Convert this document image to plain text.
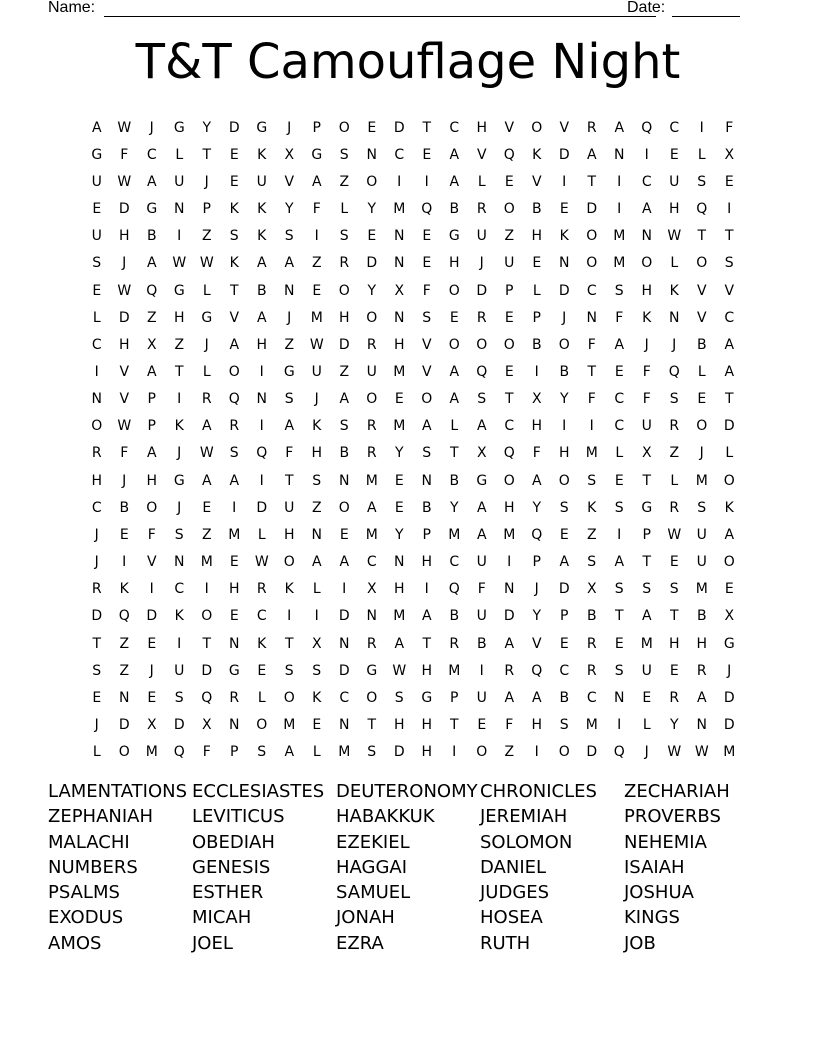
Name:	Date:
T&T Camouflage Night
A	W	J	G	Y	D	G	J	P	O	E	D	T	C	H	V	O	V	R	A	Q	C	I	F
G	F	C	L	T	E	K	X	G	S	N	C	E	A	V	Q	K	D	A	N	I	E	L	X
U	W	A	U	J	E	U	V	A	Z	O	I	I	A	L	E	V	I	T	I	C	U	S	E
E	D	G	N	P	K	K	Y	F	L	Y	M	Q	B	R	O	B	E	D	I	A	H	Q	I
U	H	B	I	Z	S	K	S	I	S	E	N	E	G	U	Z	H	K	O	M	N	W	T	T
S	J	A	W W	K	A	A	Z	R	D	N	E	H	J	U	E	N	O	M	O	L	O	S
E	W	Q	G	L	T	B	N	E	O	Y	X	F	O	D	P	L	D	C	S	H	K	V	V
L	D	Z	H	G	V	A	J	M	H	O	N	S	E	R	E	P	J	N	F	K	N	V	C
C	H	X	Z	J	A	H	Z	W	D	R	H	V	O	O	O	B	O	F	A	J	J	B	A
I	V	A	T	L	O	I	G	U	Z	U	M	V	A	Q	E	I	B	T	E	F	Q	L	A
N	V	P	I	R	Q	N	S	J	A	O	E	O	A	S	T	X	Y	F	C	F	S	E	T
O	W	P	K	A	R	I	A	K	S	R	M	A	L	A	C	H	I	I	C	U	R	O	D
R	F	A	J	W	S	Q	F	H	B	R	Y	S	T	X	Q	F	H	M	L	X	Z	J	L
H	J	H	G	A	A	I	T	S	N	M	E	N	B	G	O	A	O	S	E	T	L	M	O
C	B	O	J	E	I	D	U	Z	O	A	E	B	Y	A	H	Y	S	K	S	G	R	S	K
J	E	F	S	Z	M	L	H	N	E	M	Y	P	M	A	M	Q	E	Z	I	P	W	U	A
J	I	V	N	M	E	W	O	A	A	C	N	H	C	U	I	P	A	S	A	T	E	U	O
R	K	I	C	I	H	R	K	L	I	X	H	I	Q	F	N	J	D	X	S	S	S	M	E
D	Q	D	K	O	E	C	I	I	D	N	M	A	B	U	D	Y	P	B	T	A	T	B	X
T	Z	E	I	T	N	K	T	X	N	R	A	T	R	B	A	V	E	R	E	M	H	H	G
S	Z	J	U	D	G	E	S	S	D	G	W	H	M	I	R	Q	C	R	S	U	E	R	J
E	N	E	S	Q	R	L	O	K	C	O	S	G	P	U	A	A	B	C	N	E	R	A	D
J	D	X	D	X	N	O	M	E	N	T	H	H	T	E	F	H	S	M	I	L	Y	N	D
L	O	M	Q	F	P	S	A	L	M	S	D	H	I	O	Z	I	O	D	Q	J	W W	M
LAMENTATIONS ECCLESIASTES DEUTERONOMY CHRONICLES	ZECHARIAH
ZEPHANIAH	LEVITICUS	HABAKKUK	JEREMIAH	PROVERBS
MALACHI	OBEDIAH	EZEKIEL	SOLOMON	NEHEMIA
NUMBERS	GENESIS	HAGGAI	DANIEL	ISAIAH
PSALMS	ESTHER	SAMUEL	JUDGES	JOSHUA
EXODUS	MICAH	JONAH	HOSEA	KINGS
AMOS	JOEL	EZRA	RUTH	JOB
